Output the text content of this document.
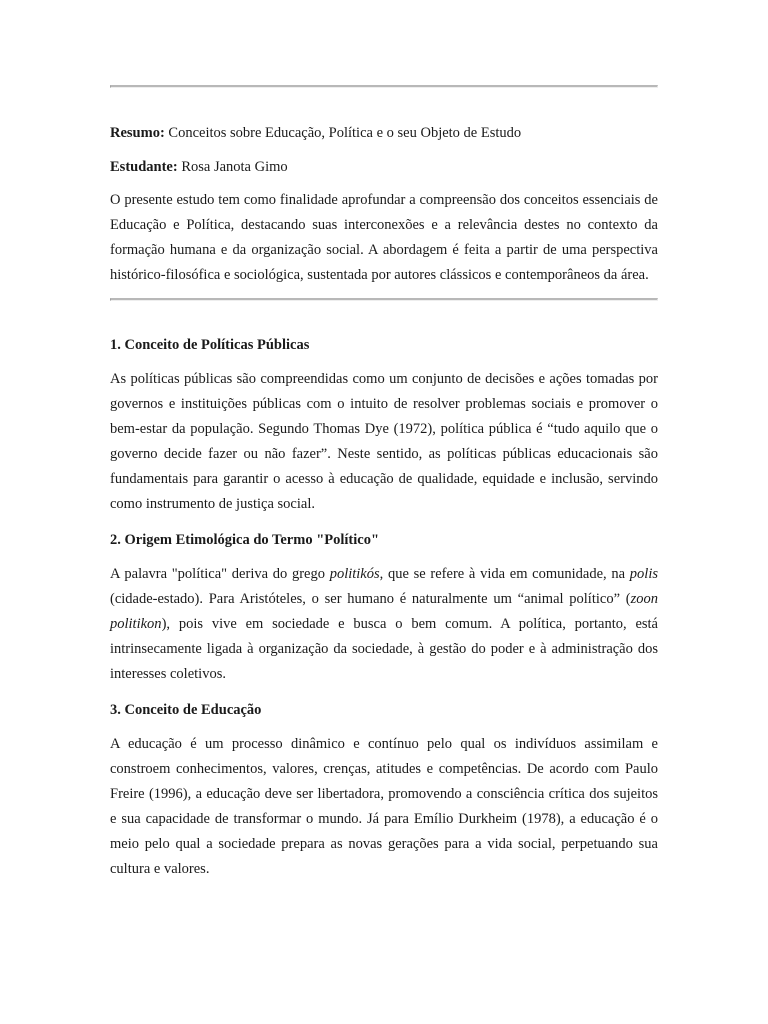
Resumo: Conceitos sobre Educação, Política e o seu Objeto de Estudo

Estudante: Rosa Janota Gimo

O presente estudo tem como finalidade aprofundar a compreensão dos conceitos essenciais de Educação e Política, destacando suas interconexões e a relevância destes no contexto da formação humana e da organização social. A abordagem é feita a partir de uma perspectiva histórico-filosófica e sociológica, sustentada por autores clássicos e contemporâneos da área.

1. Conceito de Políticas Públicas

As políticas públicas são compreendidas como um conjunto de decisões e ações tomadas por governos e instituições públicas com o intuito de resolver problemas sociais e promover o bem-estar da população. Segundo Thomas Dye (1972), política pública é “tudo aquilo que o governo decide fazer ou não fazer”. Neste sentido, as políticas públicas educacionais são fundamentais para garantir o acesso à educação de qualidade, equidade e inclusão, servindo como instrumento de justiça social.

2. Origem Etimológica do Termo "Político"

A palavra "política" deriva do grego politikós, que se refere à vida em comunidade, na polis (cidade-estado). Para Aristóteles, o ser humano é naturalmente um “animal político” (zoon politikon), pois vive em sociedade e busca o bem comum. A política, portanto, está intrinsecamente ligada à organização da sociedade, à gestão do poder e à administração dos interesses coletivos.

3. Conceito de Educação

A educação é um processo dinâmico e contínuo pelo qual os indivíduos assimilam e constroem conhecimentos, valores, crenças, atitudes e competências. De acordo com Paulo Freire (1996), a educação deve ser libertadora, promovendo a consciência crítica dos sujeitos e sua capacidade de transformar o mundo. Já para Emílio Durkheim (1978), a educação é o meio pelo qual a sociedade prepara as novas gerações para a vida social, perpetuando sua cultura e valores.
